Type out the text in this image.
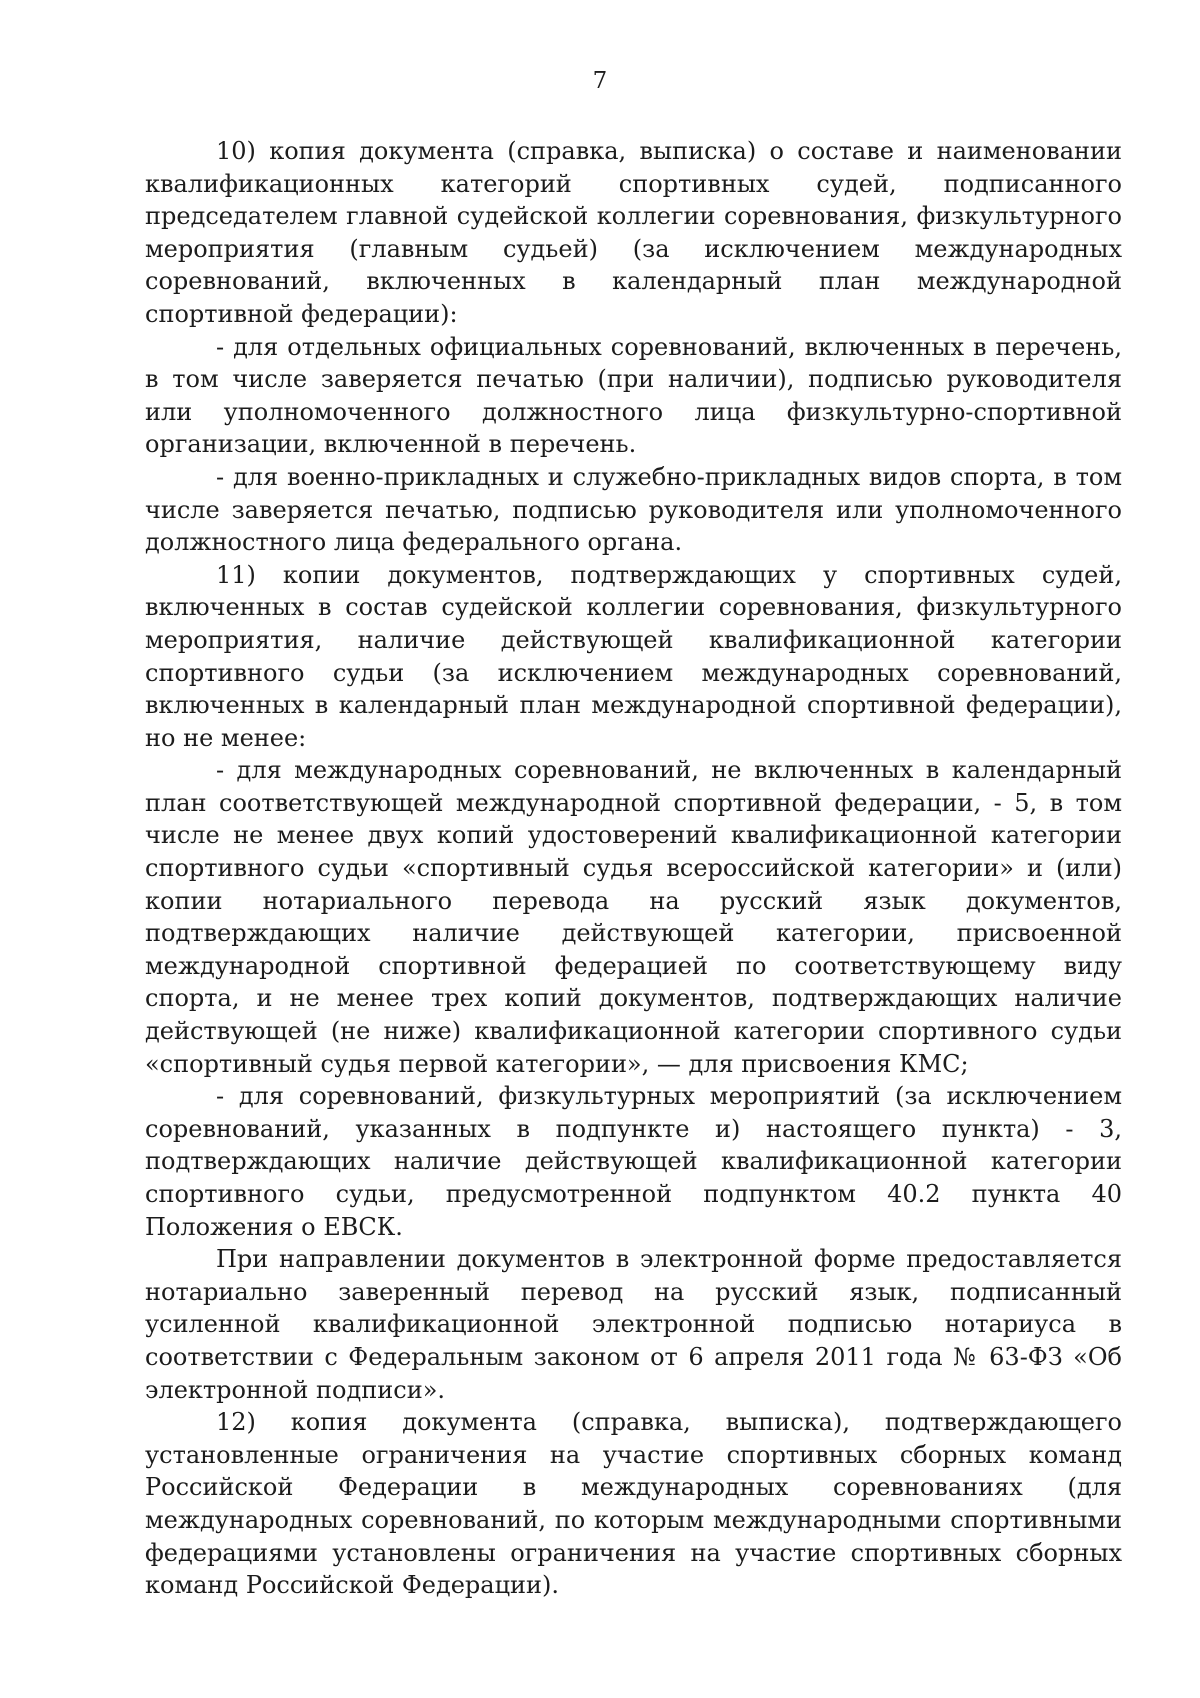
7

10) копия документа (справка, выписка) о составе и наименовании квалификационных категорий спортивных судей, подписанного председателем главной судейской коллегии соревнования, физкультурного мероприятия (главным судьей) (за исключением международных соревнований, включенных в календарный план международной спортивной федерации):

- для отдельных официальных соревнований, включенных в перечень, в том числе заверяется печатью (при наличии), подписью руководителя или уполномоченного должностного лица физкультурно-спортивной организации, включенной в перечень.

- для военно-прикладных и служебно-прикладных видов спорта, в том числе заверяется печатью, подписью руководителя или уполномоченного должностного лица федерального органа.

11) копии документов, подтверждающих у спортивных судей, включенных в состав судейской коллегии соревнования, физкультурного мероприятия, наличие действующей квалификационной категории спортивного судьи (за исключением международных соревнований, включенных в календарный план международной спортивной федерации), но не менее:

- для международных соревнований, не включенных в календарный план соответствующей международной спортивной федерации, - 5, в том числе не менее двух копий удостоверений квалификационной категории спортивного судьи «спортивный судья всероссийской категории» и (или) копии нотариального перевода на русский язык документов, подтверждающих наличие действующей категории, присвоенной международной спортивной федерацией по соответствующему виду спорта, и не менее трех копий документов, подтверждающих наличие действующей (не ниже) квалификационной категории спортивного судьи «спортивный судья первой категории», — для присвоения КМС;

- для соревнований, физкультурных мероприятий (за исключением соревнований, указанных в подпункте и) настоящего пункта) - 3, подтверждающих наличие действующей квалификационной категории спортивного судьи, предусмотренной подпунктом 40.2 пункта 40 Положения о ЕВСК.

При направлении документов в электронной форме предоставляется нотариально заверенный перевод на русский язык, подписанный усиленной квалификационной электронной подписью нотариуса в соответствии с Федеральным законом от 6 апреля 2011 года № 63-ФЗ «Об электронной подписи».

12) копия документа (справка, выписка), подтверждающего установленные ограничения на участие спортивных сборных команд Российской Федерации в международных соревнованиях (для международных соревнований, по которым международными спортивными федерациями установлены ограничения на участие спортивных сборных команд Российской Федерации).
